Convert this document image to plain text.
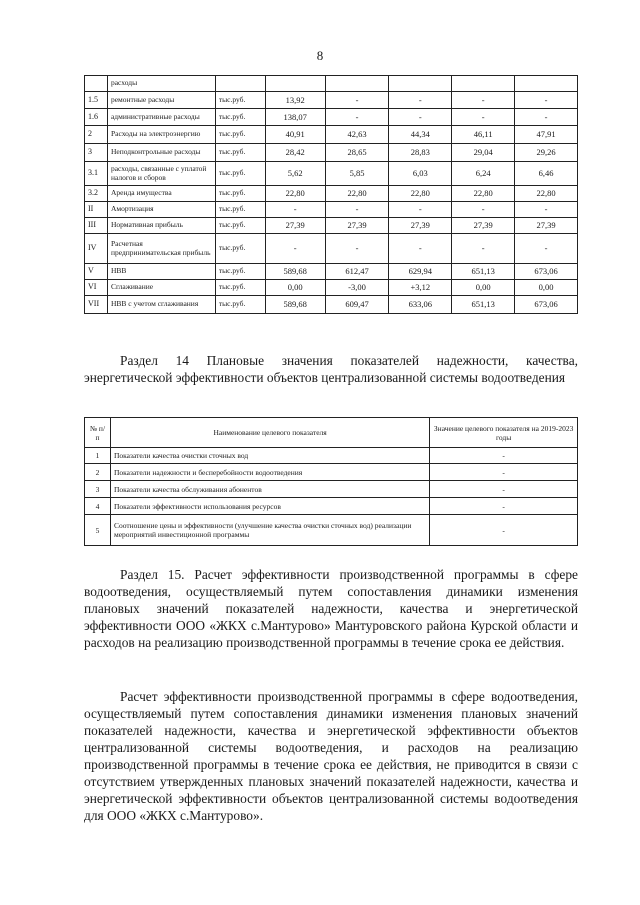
8
	расходы						
1.5	ремонтные расходы	тыс.руб.	13,92	-	-	-	-
1.6	административные расходы	тыс.руб.	138,07	-	-	-	-
2	Расходы на электроэнергию	тыс.руб.	40,91	42,63	44,34	46,11	47,91
3	Неподконтрольные расходы	тыс.руб.	28,42	28,65	28,83	29,04	29,26
3.1	расходы, связанные с уплатой налогов и сборов	тыс.руб.	5,62	5,85	6,03	6,24	6,46
3.2	Аренда имущества	тыс.руб.	22,80	22,80	22,80	22,80	22,80
II	Амортизация	тыс.руб.	-	-	-	-	-
III	Нормативная прибыль	тыс.руб.	27,39	27,39	27,39	27,39	27,39
IV	Расчетная предпринимательская прибыль	тыс.руб.	-	-	-	-	-
V	НВВ	тыс.руб.	589,68	612,47	629,94	651,13	673,06
VI	Сглаживание	тыс.руб.	0,00	-3,00	+3,12	0,00	0,00
VII	НВВ с учетом сглаживания	тыс.руб.	589,68	609,47	633,06	651,13	673,06

Раздел 14 Плановые значения показателей надежности, качества, энергетической эффективности объектов централизованной системы водоотведения

№ п/п	Наименование целевого показателя	Значение целевого показателя на 2019-2023 годы
1	Показатели качества очистки сточных вод	-
2	Показатели надежности и бесперебойности водоотведения	-
3	Показатели качества обслуживания абонентов	-
4	Показатели эффективности использования ресурсов	-
5	Соотношение цены и эффективности (улучшение качества очистки сточных вод) реализации мероприятий инвестиционной программы	-

Раздел 15. Расчет эффективности производственной программы в сфере водоотведения, осуществляемый путем сопоставления динамики изменения плановых значений показателей надежности, качества и энергетической эффективности ООО «ЖКХ с.Мантурово» Мантуровского района Курской области и расходов на реализацию производственной программы в течение срока ее действия.

Расчет эффективности производственной программы в сфере водоотведения, осуществляемый путем сопоставления динамики изменения плановых значений показателей надежности, качества и энергетической эффективности объектов централизованной системы водоотведения, и расходов на реализацию производственной программы в течение срока ее действия, не приводится в связи с отсутствием утвержденных плановых значений показателей надежности, качества и энергетической эффективности объектов централизованной системы водоотведения для ООО «ЖКХ с.Мантурово».
